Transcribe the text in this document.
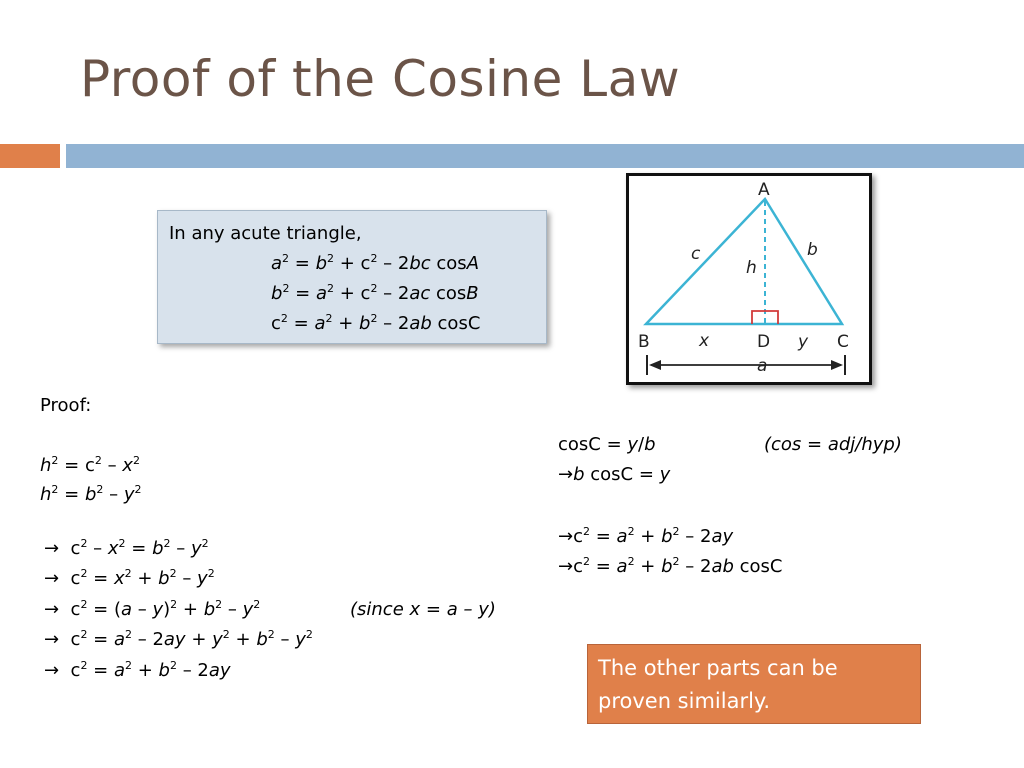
Proof of the Cosine Law
In any acute triangle,
$a^2 = b^2 + c^2 - 2bc$ cosA
$b^2 = a^2 + c^2 - 2ac$ cosB
$c^2 = a^2 + b^2 - 2ab$ cosC
A
B	C
D
c	b
h
x	y
a
Proof:
$h^2 = c^2 - x^2$
$h^2 = b^2 - y^2$
→  $c^2 - x^2 = b^2 - y^2$
→  $c^2 = x^2 + b^2 - y^2$
→  $c^2 = (a - y)^2 + b^2 - y^2$	(since x = a – y)
→  $c^2 = a^2 - 2ay + y^2 + b^2 - y^2$
→  $c^2 = a^2 + b^2 - 2ay$
cosC = y/b	(cos = adj/hyp)
→b cosC = y
$\to c^2 = a^2 + b^2 - 2ay$
$\to c^2 = a^2 + b^2 - 2ab$ cosC
The other parts can be proven similarly.
